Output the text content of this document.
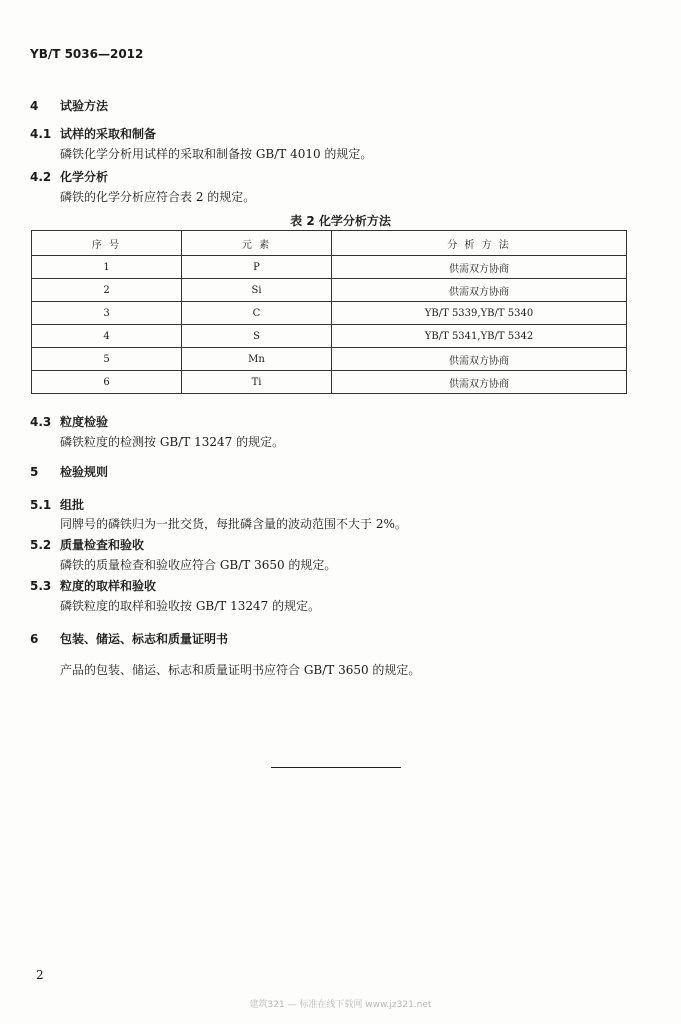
YB/T 5036—2012
4 试验方法
4.1 试样的采取和制备
磷铁化学分析用试样的采取和制备按 GB/T 4010 的规定。
4.2 化学分析
磷铁的化学分析应符合表 2 的规定。
表 2 化学分析方法
序 号	元 素	分 析 方 法
1	P	供需双方协商
2	Si	供需双方协商
3	C	YB/T 5339,YB/T 5340
4	S	YB/T 5341,YB/T 5342
5	Mn	供需双方协商
6	Ti	供需双方协商
4.3 粒度检验
磷铁粒度的检测按 GB/T 13247 的规定。
5 检验规则
5.1 组批
同牌号的磷铁归为一批交货，每批磷含量的波动范围不大于 2%。
5.2 质量检查和验收
磷铁的质量检查和验收应符合 GB/T 3650 的规定。
5.3 粒度的取样和验收
磷铁粒度的取样和验收按 GB/T 13247 的规定。
6 包装、储运、标志和质量证明书
产品的包装、储运、标志和质量证明书应符合 GB/T 3650 的规定。
2
建筑321 — 标准在线下载网 www.jz321.net
